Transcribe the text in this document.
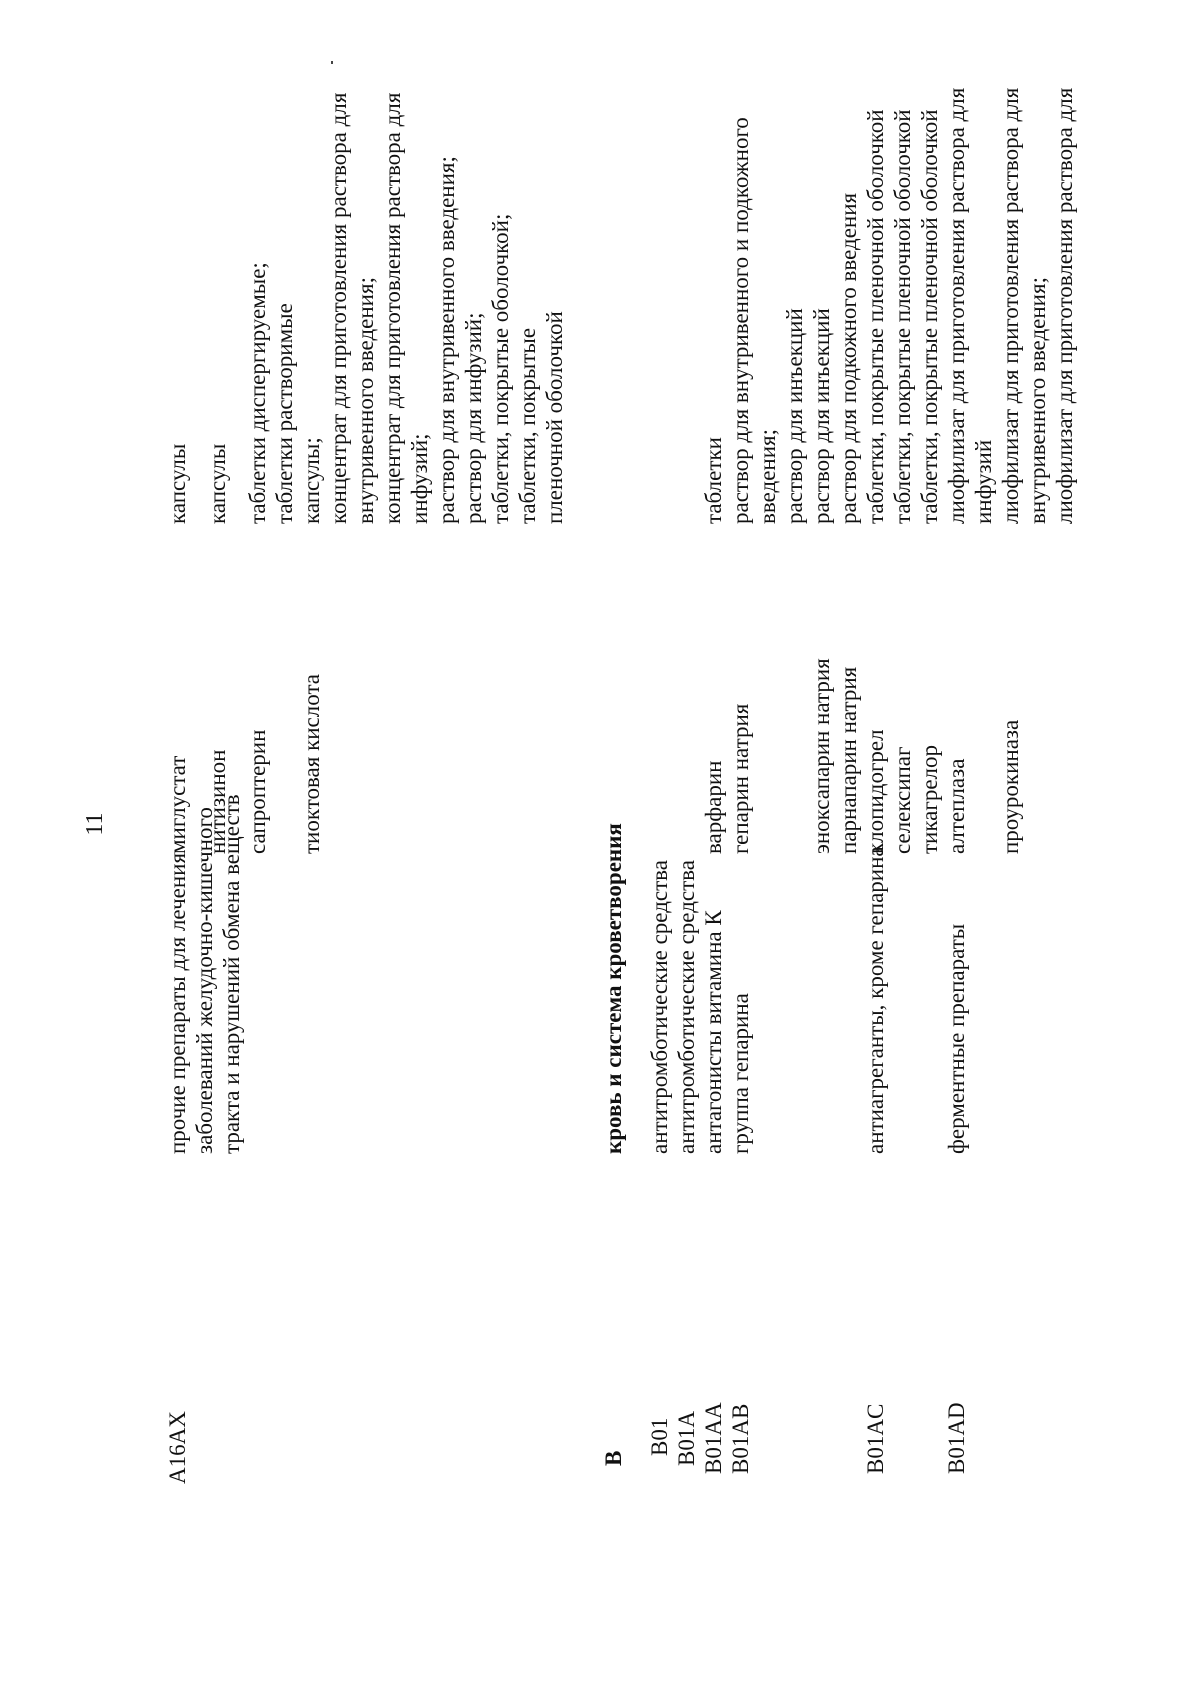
11
A16AX
прочие препараты для лечения заболеваний желудочно-кишечного тракта и нарушений обмена веществ
миглустат
капсулы
нитизинон
капсулы
сапроптерин
таблетки диспергируемые; таблетки растворимые
тиоктовая кислота
капсулы; концентрат для приготовления раствора для внутривенного введения; концентрат для приготовления раствора для инфузий; раствор для внутривенного введения; раствор для инфузий; таблетки, покрытые оболочкой; таблетки, покрытые пленочной оболочкой
B
кровь и система кроветворения
B01 B01A B01AA B01AB
антитромботические средства антитромботические средства антагонисты витамина К группа гепарина
варфарин
таблетки
гепарин натрия
раствор для внутривенного и подкожного введения; раствор для инъекций
эноксапарин натрия
раствор для инъекций
парнапарин натрия
раствор для подкожного введения
B01AC
антиагреганты, кроме гепарина
клопидогрел селексипаг тикагрелор
таблетки, покрытые пленочной оболочкой таблетки, покрытые пленочной оболочкой таблетки, покрытые пленочной оболочкой
B01AD
ферментные препараты
алтеплаза
лиофилизат для приготовления раствора для инфузий
проурокиназа
лиофилизат для приготовления раствора для внутривенного введения; лиофилизат для приготовления раствора для
